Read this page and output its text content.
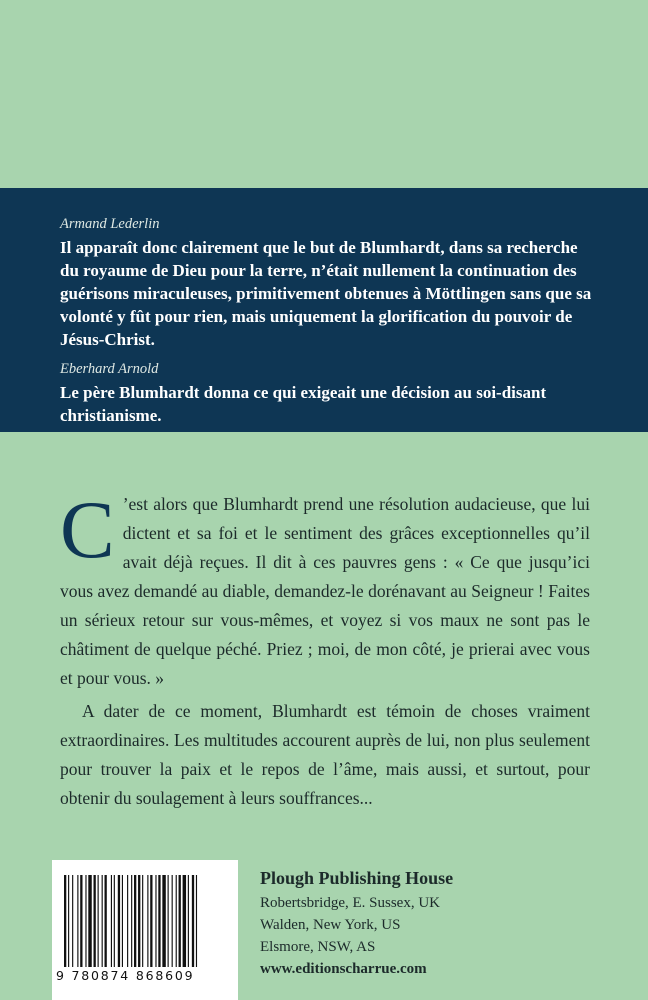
Armand Lederlin

Il apparaît donc clairement que le but de Blumhardt, dans sa recherche du royaume de Dieu pour la terre, n’était nullement la continuation des guérisons miraculeuses, primitivement obtenues à Möttlingen sans que sa volonté y fût pour rien, mais uniquement la glorification du pouvoir de Jésus-Christ.

Eberhard Arnold

Le père Blumhardt donna ce qui exigeait une décision au soi-disant christianisme.

C ’est alors que Blumhardt prend une résolution audacieuse, que lui dictent et sa foi et le sentiment des grâces exceptionnelles qu’il avait déjà reçues. Il dit à ces pauvres gens : « Ce que jusqu’ici vous avez demandé au diable, demandez-le dorénavant au Seigneur ! Faites un sérieux retour sur vous-mêmes, et voyez si vos maux ne sont pas le châtiment de quelque péché. Priez ; moi, de mon côté, je prierai avec vous et pour vous. »

A dater de ce moment, Blumhardt est témoin de choses vraiment extraordinaires. Les multitudes accourent auprès de lui, non plus seulement pour trouver la paix et le repos de l’âme, mais aussi, et surtout, pour obtenir du soulagement à leurs souffrances...

9 780874 868609
Plough Publishing House

Robertsbridge, E. Sussex, UK

Walden, New York, US

Elsmore, NSW, AS

www.editionscharrue.com
